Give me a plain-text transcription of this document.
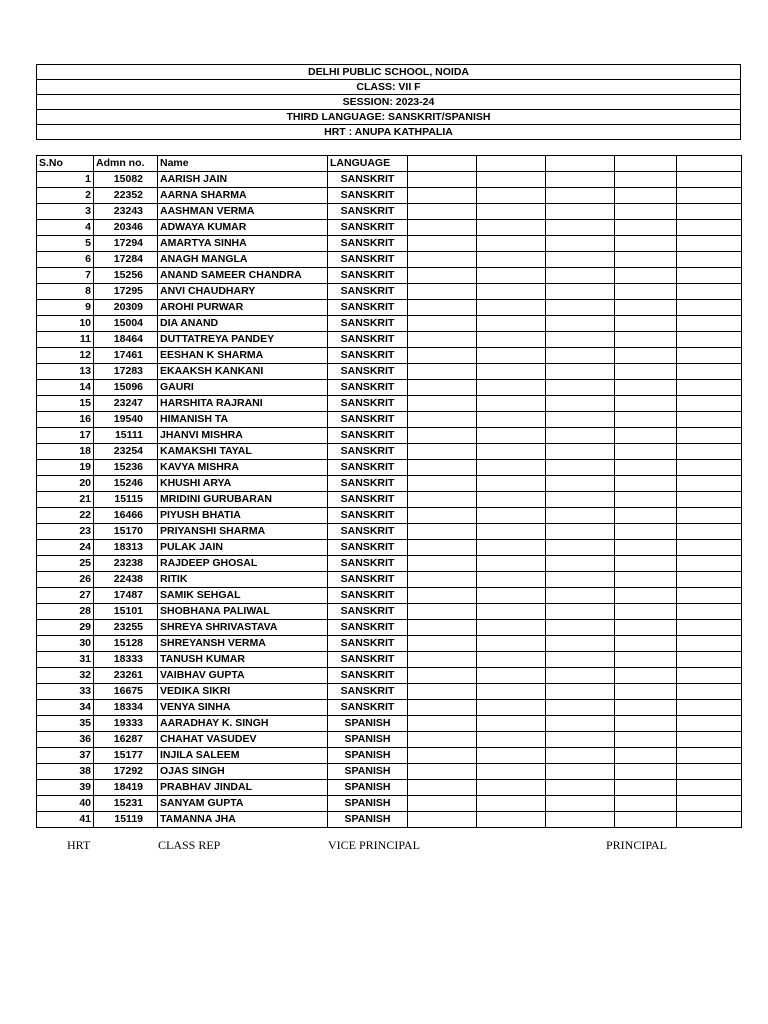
DELHI PUBLIC SCHOOL, NOIDA
CLASS: VII F
SESSION: 2023-24
THIRD LANGUAGE: SANSKRIT/SPANISH
HRT : ANUPA KATHPALIA
S.No	Admn no.	Name	LANGUAGE					
1	15082	AARISH JAIN	SANSKRIT					
2	22352	AARNA SHARMA	SANSKRIT					
3	23243	AASHMAN VERMA	SANSKRIT					
4	20346	ADWAYA KUMAR	SANSKRIT					
5	17294	AMARTYA SINHA	SANSKRIT					
6	17284	ANAGH MANGLA	SANSKRIT					
7	15256	ANAND SAMEER CHANDRA	SANSKRIT					
8	17295	ANVI CHAUDHARY	SANSKRIT					
9	20309	AROHI PURWAR	SANSKRIT					
10	15004	DIA ANAND	SANSKRIT					
11	18464	DUTTATREYA PANDEY	SANSKRIT					
12	17461	EESHAN K SHARMA	SANSKRIT					
13	17283	EKAAKSH KANKANI	SANSKRIT					
14	15096	GAURI	SANSKRIT					
15	23247	HARSHITA RAJRANI	SANSKRIT					
16	19540	HIMANISH TA	SANSKRIT					
17	15111	JHANVI MISHRA	SANSKRIT					
18	23254	KAMAKSHI TAYAL	SANSKRIT					
19	15236	KAVYA MISHRA	SANSKRIT					
20	15246	KHUSHI ARYA	SANSKRIT					
21	15115	MRIDINI GURUBARAN	SANSKRIT					
22	16466	PIYUSH BHATIA	SANSKRIT					
23	15170	PRIYANSHI SHARMA	SANSKRIT					
24	18313	PULAK JAIN	SANSKRIT					
25	23238	RAJDEEP GHOSAL	SANSKRIT					
26	22438	RITIK	SANSKRIT					
27	17487	SAMIK SEHGAL	SANSKRIT					
28	15101	SHOBHANA PALIWAL	SANSKRIT					
29	23255	SHREYA SHRIVASTAVA	SANSKRIT					
30	15128	SHREYANSH VERMA	SANSKRIT					
31	18333	TANUSH KUMAR	SANSKRIT					
32	23261	VAIBHAV GUPTA	SANSKRIT					
33	16675	VEDIKA SIKRI	SANSKRIT					
34	18334	VENYA SINHA	SANSKRIT					
35	19333	AARADHAY K. SINGH	SPANISH					
36	16287	CHAHAT VASUDEV	SPANISH					
37	15177	INJILA SALEEM	SPANISH					
38	17292	OJAS SINGH	SPANISH					
39	18419	PRABHAV JINDAL	SPANISH					
40	15231	SANYAM GUPTA	SPANISH					
41	15119	TAMANNA JHA	SPANISH					
HRT	CLASS REP	VICE PRINCIPAL	PRINCIPAL
